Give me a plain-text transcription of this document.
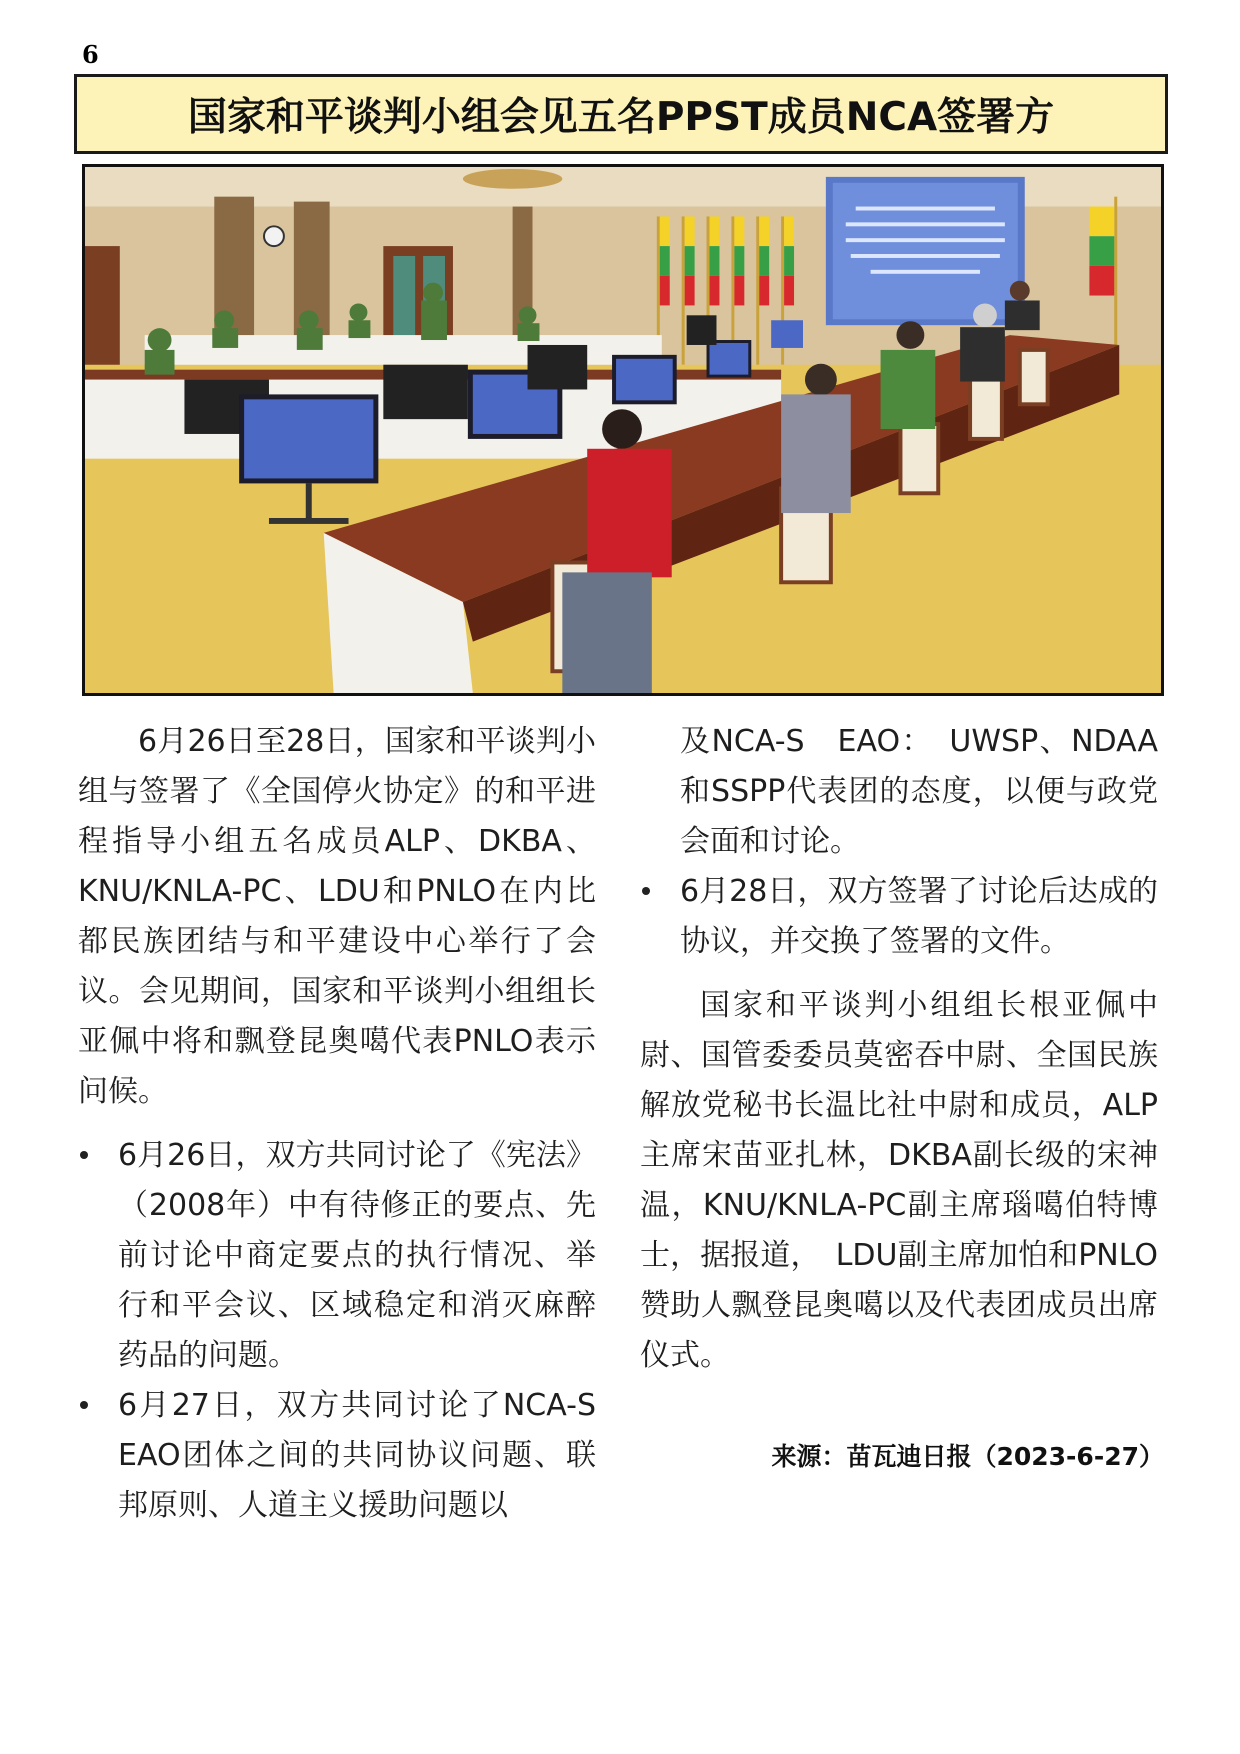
6
国家和平谈判小组会见五名PPST成员NCA签署方

6月26日至28日，国家和平谈判小组与签署了《全国停火协定》的和平进程指导小组五名成员ALP、DKBA、KNU/KNLA-PC、LDU和PNLO在内比都民族团结与和平建设中心举行了会议。会见期间，国家和平谈判小组组长亚佩中将和飘登昆奥噶代表PNLO表示问候。

6月26日，双方共同讨论了《宪法》（2008年）中有待修正的要点、先前讨论中商定要点的执行情况、举行和平会议、区域稳定和消灭麻醉药品的问题。
6月27日，双方共同讨论了NCA-S EAO团体之间的共同协议问题、联邦原则、人道主义援助问题以
及NCA-S　EAO：　UWSP、NDAA和SSPP代表团的态度，以便与政党会面和讨论。
6月28日，双方签署了讨论后达成的协议，并交换了签署的文件。

国家和平谈判小组组长根亚佩中尉、国管委委员莫密吞中尉、全国民族解放党秘书长温比社中尉和成员，ALP主席宋苗亚扎林，DKBA副长级的宋神温，KNU/KNLA-PC副主席瑙噶伯特博士，据报道，　LDU副主席加怕和PNLO赞助人飘登昆奥噶以及代表团成员出席仪式。

来源：苗瓦迪日报（2023-6-27）
